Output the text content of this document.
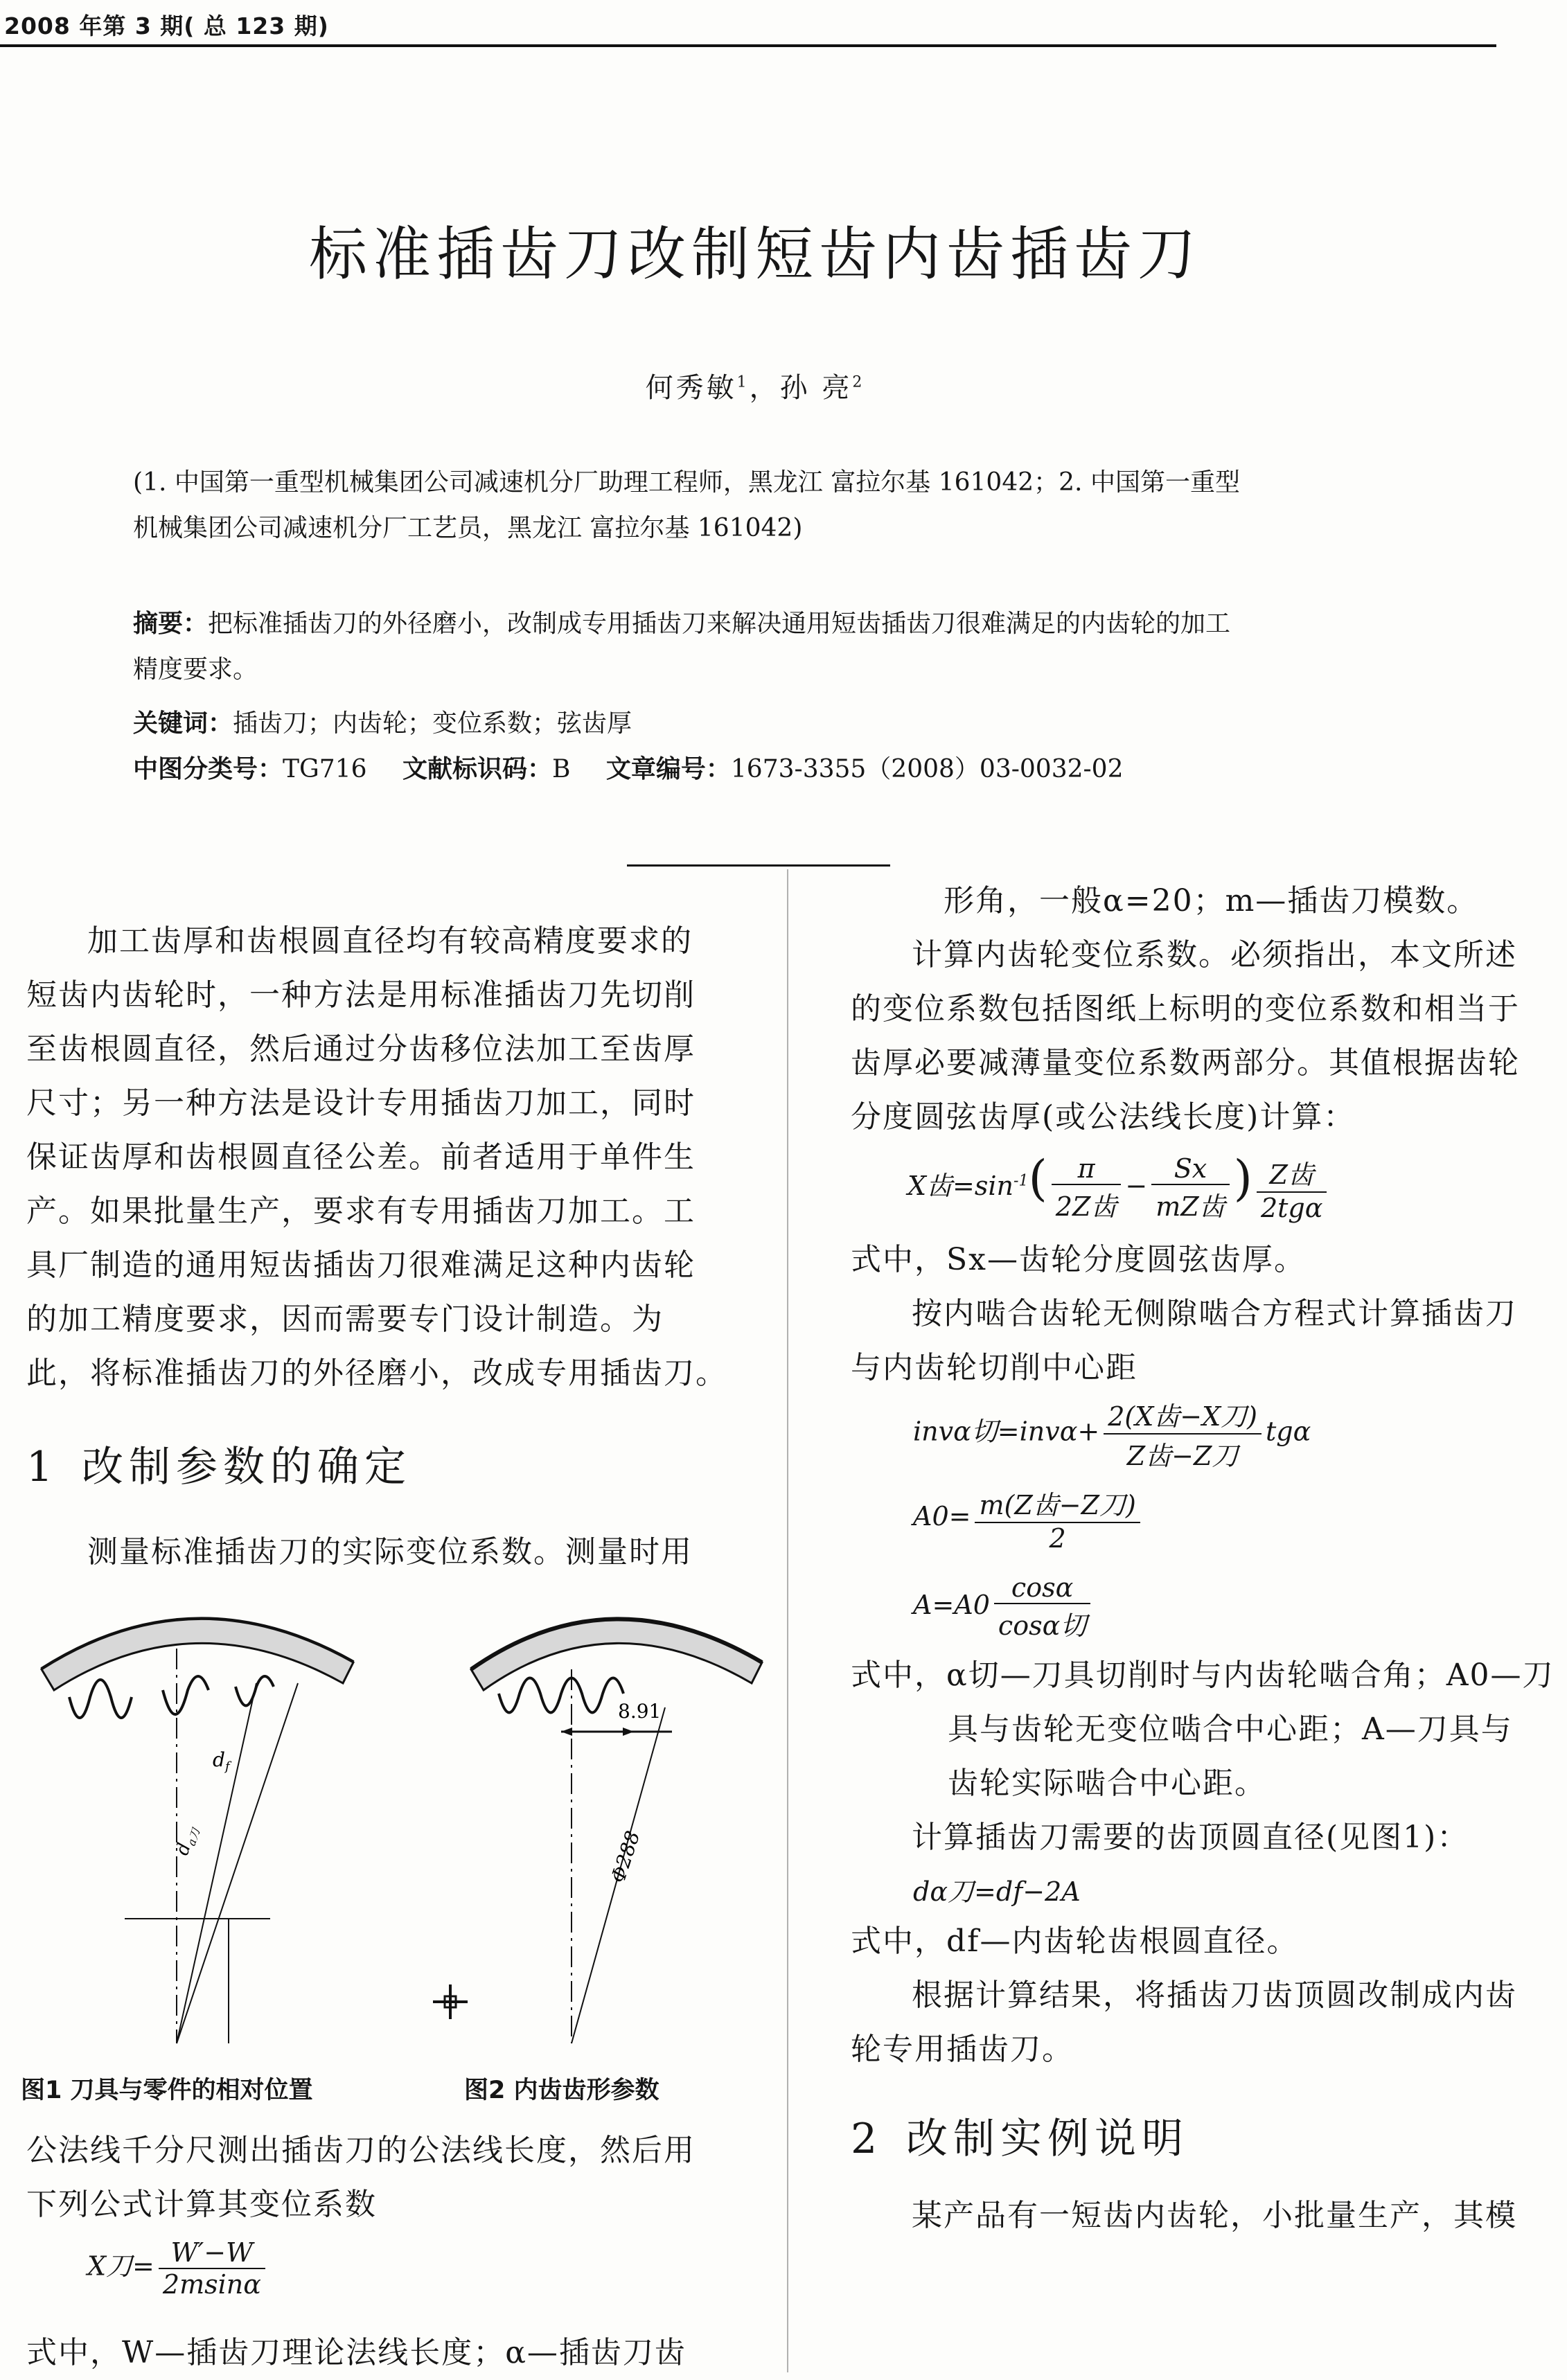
2008 年第 3 期( 总 123 期)
标准插齿刀改制短齿内齿插齿刀
何秀敏$^1$，孙 亮$^2$
(1. 中国第一重型机械集团公司减速机分厂助理工程师，黑龙江 富拉尔基 161042；2. 中国第一重型
机械集团公司减速机分厂工艺员，黑龙江 富拉尔基 161042)
摘要：把标准插齿刀的外径磨小，改制成专用插齿刀来解决通用短齿插齿刀很难满足的内齿轮的加工
精度要求。
关键词：插齿刀；内齿轮；变位系数；弦齿厚
中图分类号：TG716 文献标识码：B 文章编号：1673-3355（2008）03-0032-02
加工齿厚和齿根圆直径均有较高精度要求的
短齿内齿轮时，一种方法是用标准插齿刀先切削
至齿根圆直径，然后通过分齿移位法加工至齿厚
尺寸；另一种方法是设计专用插齿刀加工，同时
保证齿厚和齿根圆直径公差。前者适用于单件生
产。如果批量生产，要求有专用插齿刀加工。工
具厂制造的通用短齿插齿刀很难满足这种内齿轮
的加工精度要求，因而需要专门设计制造。为
此，将标准插齿刀的外径磨小，改成专用插齿刀。
1 改制参数的确定
测量标准插齿刀的实际变位系数。测量时用
$d_f$
$d_{a刀}$
8.91
Φ288
图1 刀具与零件的相对位置	图2 内齿齿形参数
公法线千分尺测出插齿刀的公法线长度，然后用
下列公式计算其变位系数
X刀= $\frac{W'-W}{2msin\alpha}$
式中，W—插齿刀理论法线长度；α—插齿刀齿
形角，一般α=20；m—插齿刀模数。
计算内齿轮变位系数。必须指出，本文所述
的变位系数包括图纸上标明的变位系数和相当于
齿厚必要减薄量变位系数两部分。其值根据齿轮
分度圆弦齿厚(或公法线长度)计算：
X齿$=\sin^{-1}( \frac{\pi}{\text{2Z齿}} - \frac{Sx}{\text{mZ齿}}$ ) $\frac{\text{Z齿}}{\text{2tgα}}$
式中，Sx—齿轮分度圆弦齿厚。
按内啮合齿轮无侧隙啮合方程式计算插齿刀
与内齿轮切削中心距
invα切$=inv\alpha+ \frac{\text{2(X齿−X刀)}}{\text{Z齿−Z刀}}$ tgα
$A0= \frac{\text{m(Z齿−Z刀)}}{2}$
$A=A0 \frac{\cos\alpha}{\text{cosα切}}$
式中，α切—刀具切削时与内齿轮啮合角；A0—刀
具与齿轮无变位啮合中心距；A—刀具与
齿轮实际啮合中心距。
计算插齿刀需要的齿顶圆直径(见图1)：
dα刀=df−2A
式中，df—内齿轮齿根圆直径。
根据计算结果，将插齿刀齿顶圆改制成内齿
轮专用插齿刀。
2 改制实例说明
某产品有一短齿内齿轮，小批量生产，其模
